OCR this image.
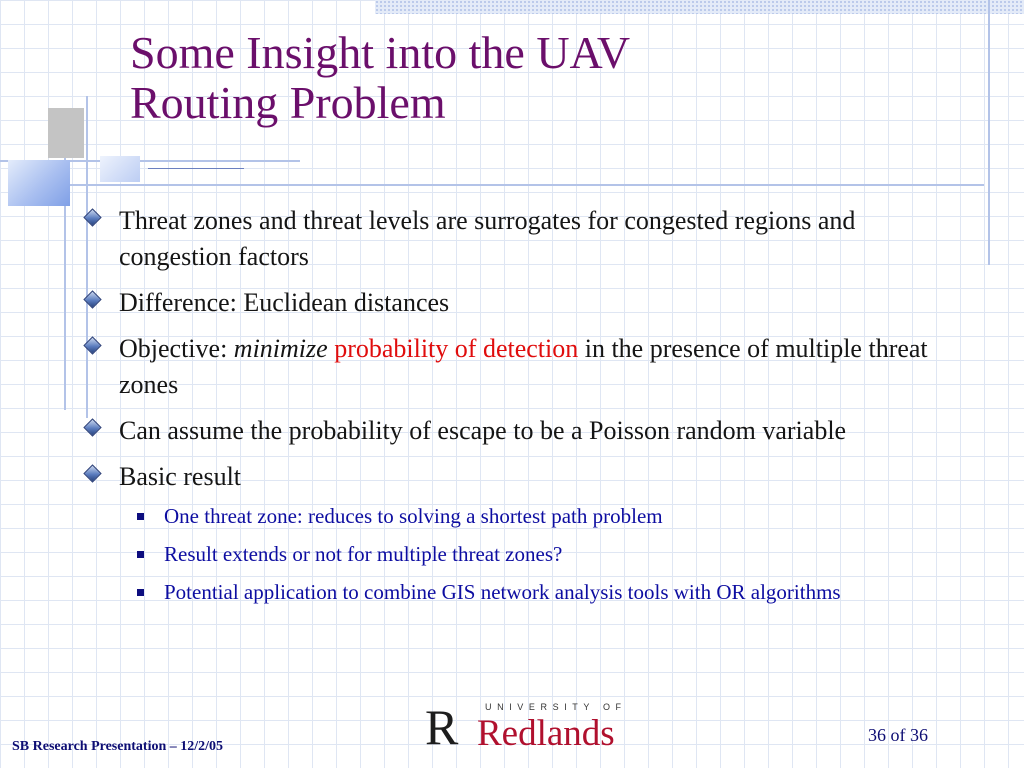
Some Insight into the UAV
Routing Problem
Threat zones and threat levels are surrogates for congested regions and congestion factors
Difference: Euclidean distances
Objective: minimize probability of detection in the presence of multiple threat zones
Can assume the probability of escape to be a Poisson random variable
Basic result
One threat zone: reduces to solving a shortest path problem
Result extends or not for multiple threat zones?
Potential application to combine GIS network analysis tools with OR algorithms
R	UNIVERSITY OF
Redlands
SB Research Presentation – 12/2/05
36 of 36
